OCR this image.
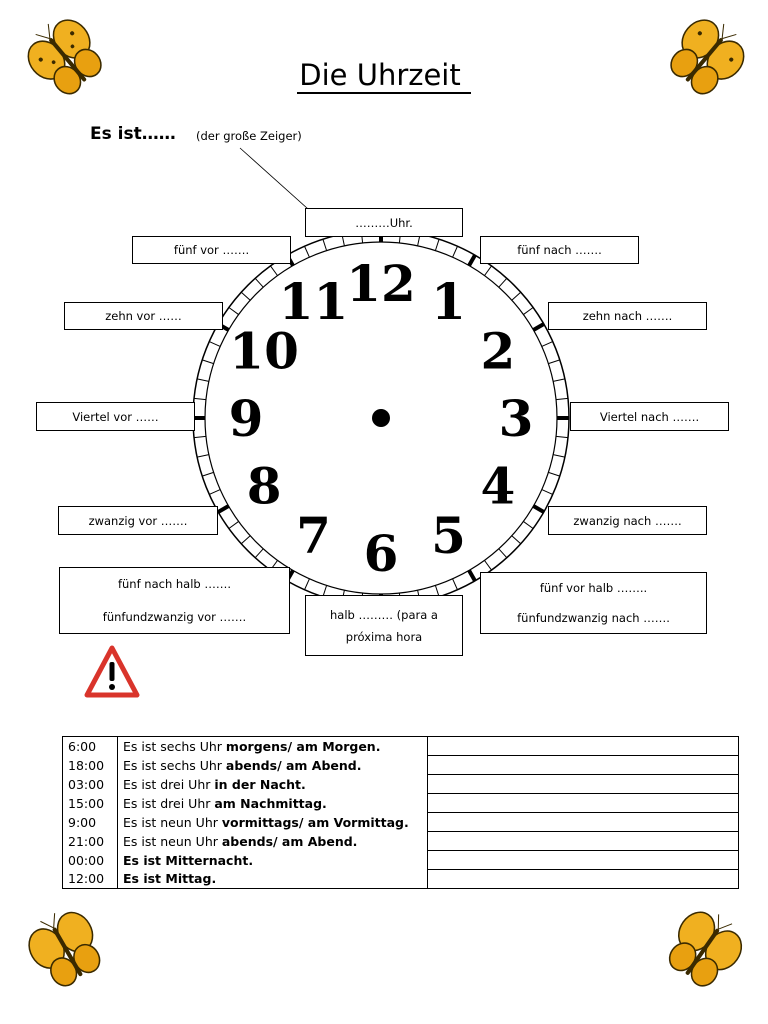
Die Uhrzeit
Es ist…… (der große Zeiger)
12 1
2
3
4
5
6
7
8
9
10
11
………Uhr.
fünf vor …….	fünf nach …….
zehn vor ……	zehn nach …….
Viertel vor ……	Viertel nach …….
zwanzig vor …….	zwanzig nach …….
fünf nach halb …….
fünfundzwanzig vor …….	halb ……… (para a
próxima hora
fünf vor halb ……..
fünfundzwanzig nach …….
6:00	Es ist sechs Uhr morgens/ am Morgen.	
18:00	Es ist sechs Uhr abends/ am Abend.	
03:00	Es ist drei Uhr in der Nacht.	
15:00	Es ist drei Uhr am Nachmittag.	
9:00	Es ist neun Uhr vormittags/ am Vormittag.	
21:00	Es ist neun Uhr abends/ am Abend.	
00:00	Es ist Mitternacht.	
12:00	Es ist Mittag.	
